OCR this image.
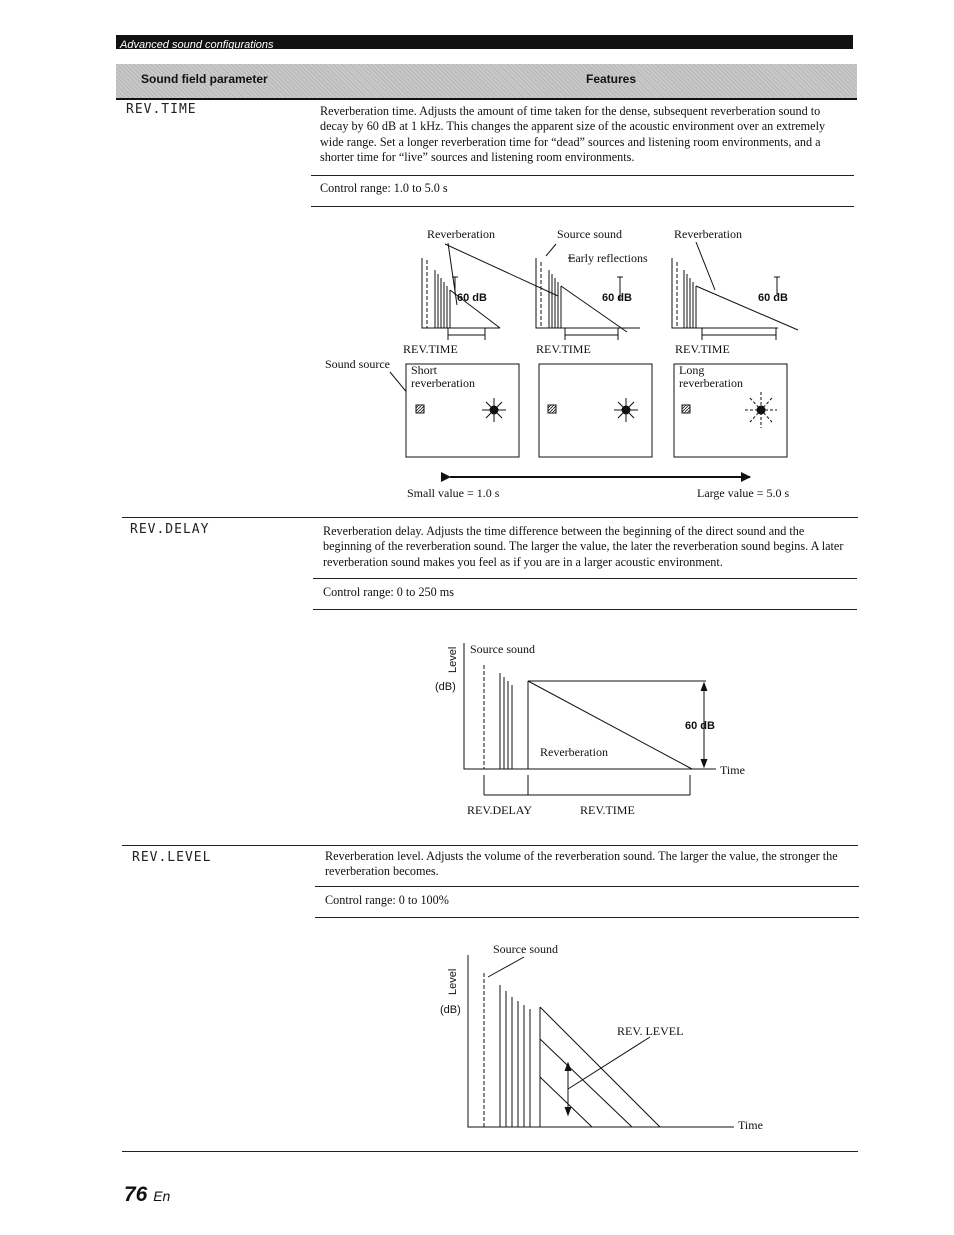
Advanced sound configurations
Sound field parameter	Features
REV.TIME	Reverberation time. Adjusts the amount of time taken for the dense, subsequent reverberation sound to decay by 60 dB at 1 kHz. This changes the apparent size of the acoustic environment over an extremely wide range. Set a longer reverberation time for “dead” sources and listening room environments, and a shorter time for “live” sources and listening room environments.
Control range: 1.0 to 5.0 s
Reverberation	Source sound
Early reflections
Reverberation
60 dB
REV.TIME
60 dB
REV.TIME
60 dB
REV.TIME
Sound source Short
reverberation
Long
reverberation
Small value = 1.0 s	Large value = 5.0 s
REV.DELAY	Reverberation delay. Adjusts the time difference between the beginning of the direct sound and the beginning of the reverberation sound. The larger the value, the later the reverberation sound begins. A later reverberation sound makes you feel as if you are in a larger acoustic environment.
Control range: 0 to 250 ms
Level
(dB)
Source sound
60 dB
Reverberation
Time
REV.DELAY	REV.TIME
REV.LEVEL	Reverberation level. Adjusts the volume of the reverberation sound. The larger the value, the stronger the reverberation becomes.
Control range: 0 to 100%
Level
(dB)
Source sound
REV. LEVEL
Time
76 En
